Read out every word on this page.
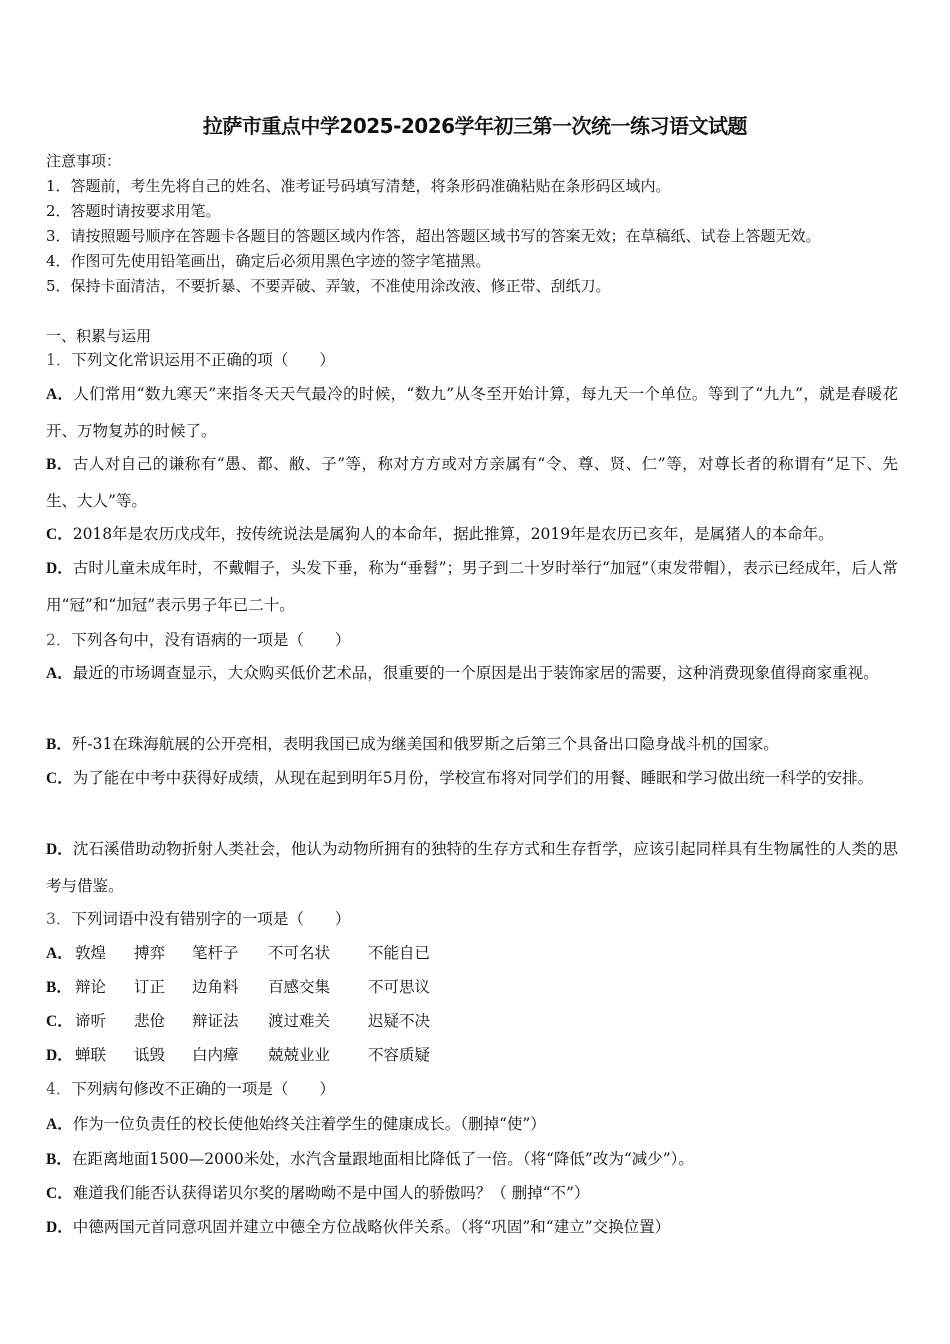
拉萨市重点中学2025-2026学年初三第一次统一练习语文试题
注意事项：
1．答题前，考生先将自己的姓名、准考证号码填写清楚，将条形码准确粘贴在条形码区域内。
2．答题时请按要求用笔。
3．请按照题号顺序在答题卡各题目的答题区域内作答，超出答题区域书写的答案无效；在草稿纸、试卷上答题无效。
4．作图可先使用铅笔画出，确定后必须用黑色字迹的签字笔描黑。
5．保持卡面清洁，不要折暴、不要弄破、弄皱，不准使用涂改液、修正带、刮纸刀。
一、积累与运用
1．下列文化常识运用不正确的项（　　）
A．人们常用“数九寒天”来指冬天天气最冷的时候，“数九”从冬至开始计算，每九天一个单位。等到了“九九”，就是春暖花开、万物复苏的时候了。
B．古人对自己的谦称有“愚、都、敝、子”等，称对方方或对方亲属有“令、尊、贤、仁”等，对尊长者的称谓有“足下、先生、大人”等。
C．2018年是农历戊戌年，按传统说法是属狗人的本命年，据此推算，2019年是农历已亥年，是属猪人的本命年。
D．古时儿童未成年时，不戴帽子，头发下垂，称为“垂髫”；男子到二十岁时举行“加冠”（束发带帽），表示已经成年，后人常用“冠”和“加冠”表示男子年已二十。
2．下列各句中，没有语病的一项是（　　）
A．最近的市场调查显示，大众购买低价艺术品，很重要的一个原因是出于装饰家居的需要，这种消费现象值得商家重视。
B．歼-31在珠海航展的公开亮相，表明我国已成为继美国和俄罗斯之后第三个具备出口隐身战斗机的国家。
C．为了能在中考中获得好成绩，从现在起到明年5月份，学校宣布将对同学们的用餐、睡眠和学习做出统一科学的安排。
D．沈石溪借助动物折射人类社会，他认为动物所拥有的独特的生存方式和生存哲学，应该引起同样具有生物属性的人类的思考与借鉴。
3．下列词语中没有错别字的一项是（　　）
A． 敦煌 搏弈 笔杆子 不可名状 不能自已
B． 辩论 订正 边角料 百感交集 不可思议
C． 谛听 悲伧 辩证法 渡过难关 迟疑不决
D． 蝉联 诋毁 白内瘴 兢兢业业 不容质疑
4．下列病句修改不正确的一项是（　　）
A．作为一位负责任的校长使他始终关注着学生的健康成长。（删掉“使”）
B．在距离地面1500—2000米处，水汽含量跟地面相比降低了一倍。（将“降低”改为“减少”）。
C．难道我们能否认获得诺贝尔奖的屠呦呦不是中国人的骄傲吗？（ 删掉“不”）
D．中德两国元首同意巩固并建立中德全方位战略伙伴关系。（将“巩固”和“建立”交换位置）
